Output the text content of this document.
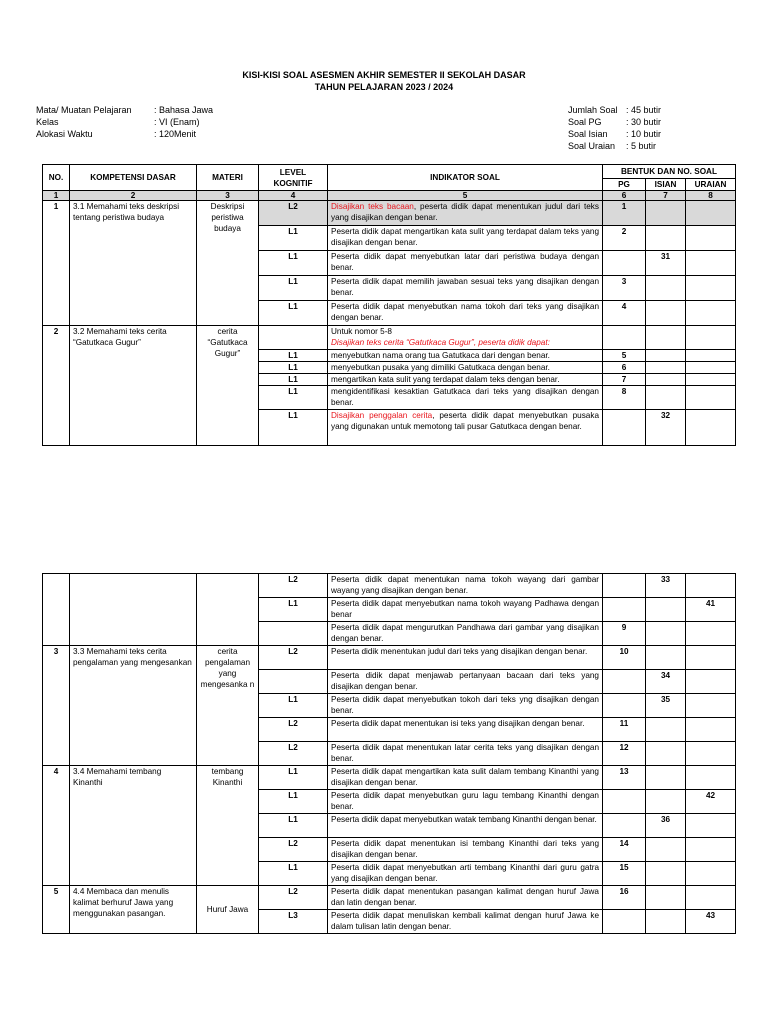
KISI-KISI SOAL ASESMEN AKHIR SEMESTER II SEKOLAH DASAR
TAHUN PELAJARAN 2023 / 2024
Mata/ Muatan Pelajaran	: Bahasa Jawa
Kelas	: VI (Enam)
Alokasi Waktu	: 120Menit
Jumlah Soal : 45 butir
Soal PG	: 30 butir
Soal Isian	: 10 butir
Soal Uraian	: 5 butir
NO.	KOMPETENSI DASAR	MATERI	LEVEL KOGNITIF	INDIKATOR SOAL	BENTUK DAN NO. SOAL		
					PG	ISIAN	URAIAN
1	2	3	4	5	6	7	8
1	3.1 Memahami teks deskripsi tentang peristiwa budaya	Deskripsi peristiwa budaya	L2	Disajikan teks bacaan, peserta didik dapat menentukan judul dari teks yang disajikan dengan benar.	1		
			L1	Peserta didik dapat mengartikan kata sulit yang terdapat dalam teks yang disajikan dengan benar.	2		
			L1	Peserta didik dapat menyebutkan latar dari peristiwa budaya dengan benar.		31	
			L1	Peserta didik dapat memilih jawaban sesuai teks yang disajikan dengan benar.	3		
			L1	Peserta didik dapat menyebutkan nama tokoh dari teks yang disajikan dengan benar.	4		
2	3.2 Memahami teks cerita “Gatutkaca Gugur”	cerita “Gatutkaca Gugur”		Untuk nomor 5-8
Disajikan teks cerita “Gatutkaca Gugur”, peserta didik dapat:			

			L1	menyebutkan nama orang tua Gatutkaca dari dengan benar.	5		
			L1	menyebutkan pusaka yang dimiliki Gatutkaca dengan benar.	6		
			L1	mengartikan kata sulit yang terdapat dalam teks dengan benar.	7		
			L1	mengidentifikasi kesaktian Gatutkaca dari teks yang disajikan dengan benar.	8		
			L1	Disajikan penggalan cerita, peserta didik dapat menyebutkan pusaka yang digunakan untuk memotong tali pusar Gatutkaca dengan benar.		32	
			L2	Peserta didik dapat menentukan nama tokoh wayang dari gambar wayang yang disajikan dengan benar.		33	
			L1	Peserta didik dapat menyebutkan nama tokoh wayang Padhawa dengan benar			41
				Peserta didik dapat mengurutkan Pandhawa dari gambar yang disajikan dengan benar.	9		
3	3.3 Memahami teks cerita pengalaman yang mengesankan	cerita pengalaman yang mengesanka n	L2	Peserta didik menentukan judul dari teks yang disajikan dengan benar.	10		
				Peserta didik dapat menjawab pertanyaan bacaan dari teks yang disajikan dengan benar.		34	
			L1	Peserta didik dapat menyebutkan tokoh dari teks yng disajikan dengan benar.		35	
			L2	Peserta didik dapat menentukan isi teks yang disajikan dengan benar.	11		
			L2	Peserta didik dapat menentukan latar cerita teks yang disajikan dengan benar.	12		
4	3.4 Memahami tembang Kinanthi	tembang Kinanthi	L1	Peserta didik dapat mengartikan kata sulit dalam tembang Kinanthi yang disajikan dengan benar.	13		
			L1	Peserta didik dapat menyebutkan guru lagu tembang Kinanthi dengan benar.			42
			L1	Peserta didik dapat menyebutkan watak tembang Kinanthi dengan benar.		36	
			L2	Peserta didik dapat menentukan isi tembang Kinanthi dari teks yang disajikan dengan benar.	14		
			L1	Peserta didik dapat menyebutkan arti tembang Kinanthi dari guru gatra yang disajikan dengan benar.	15		
5	4.4 Membaca dan menulis kalimat berhuruf Jawa yang menggunakan pasangan.	Huruf Jawa	L2	Peserta didik dapat menentukan pasangan kalimat dengan huruf Jawa dan latin dengan benar.	16		
			L3	Peserta didik dapat menuliskan kembali kalimat dengan huruf Jawa ke dalam tulisan latin dengan benar.			43
